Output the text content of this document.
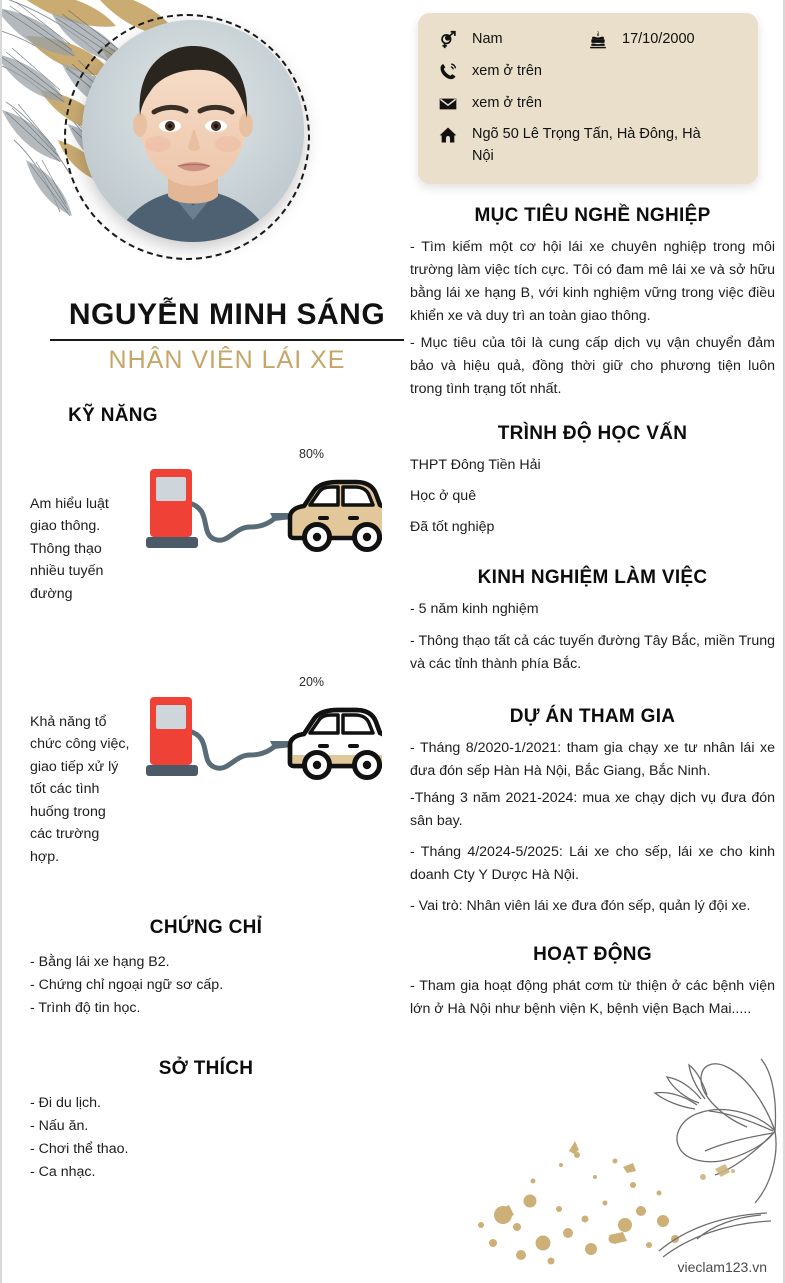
NGUYỄN MINH SÁNG
NHÂN VIÊN LÁI XE
Nam	17/10/2000
xem ở trên
xem ở trên
Ngõ 50 Lê Trọng Tấn, Hà Đông, Hà Nội
MỤC TIÊU NGHỀ NGHIỆP

- Tìm kiếm một cơ hội lái xe chuyên nghiệp trong môi trường làm việc tích cực. Tôi có đam mê lái xe và sở hữu bằng lái xe hạng B, với kinh nghiệm vững trong việc điều khiển xe và duy trì an toàn giao thông.

- Mục tiêu của tôi là cung cấp dịch vụ vận chuyển đảm bảo và hiệu quả, đồng thời giữ cho phương tiện luôn trong tình trạng tốt nhất.

TRÌNH ĐỘ HỌC VẤN

THPT Đông Tiền Hải

Học ở quê

Đã tốt nghiệp

KINH NGHIỆM LÀM VIỆC

- 5 năm kinh nghiệm

- Thông thạo tất cả các tuyến đường Tây Bắc, miền Trung và các tỉnh thành phía Bắc.

DỰ ÁN THAM GIA

- Tháng 8/2020-1/2021: tham gia chạy xe tư nhân lái xe đưa đón sếp Hàn Hà Nội, Bắc Giang, Bắc Ninh.

-Tháng 3 năm 2021-2024: mua xe chạy dịch vụ đưa đón sân bay.

- Tháng 4/2024-5/2025: Lái xe cho sếp, lái xe cho kinh doanh Cty Y Dược Hà Nội.

- Vai trò: Nhân viên lái xe đưa đón sếp, quản lý đội xe.

HOẠT ĐỘNG

- Tham gia hoạt động phát cơm từ thiện ở các bệnh viện lớn ở Hà Nội như bệnh viện K, bệnh viện Bạch Mai.....

KỸ NĂNG
Am hiểu luật giao thông. Thông thạo nhiều tuyến đường
80%
Khả năng tổ chức công việc, giao tiếp xử lý tốt các tình huống trong các trường hợp.
20%
CHỨNG CHỈ
- Bằng lái xe hạng B2.
- Chứng chỉ ngoại ngữ sơ cấp.
- Trình độ tin học.
SỞ THÍCH
- Đi du lịch.
- Nấu ăn.
- Chơi thể thao.
- Ca nhạc.
vieclam123.vn
